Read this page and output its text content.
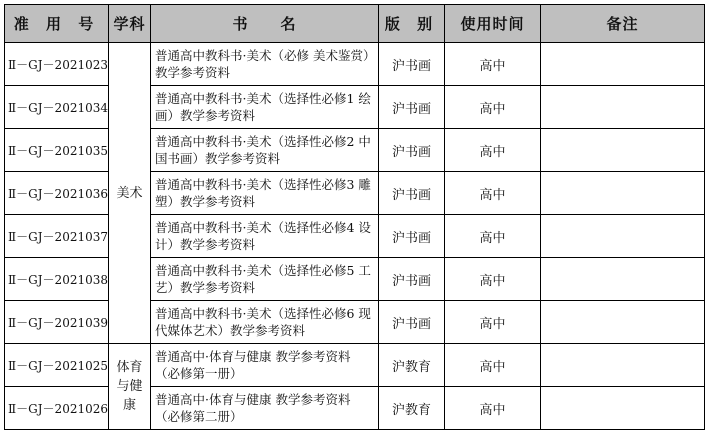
准 用 号	学科	书　　名	版 别	使用时间	备注
Ⅱ－GJ－2021023	美术	普通高中教科书·美术（必修 美术鉴赏）教学参考资料	沪书画	高中	
Ⅱ－GJ－2021034		普通高中教科书·美术（选择性必修1 绘画）教学参考资料	沪书画	高中	
Ⅱ－GJ－2021035		普通高中教科书·美术（选择性必修2 中国书画）教学参考资料	沪书画	高中	
Ⅱ－GJ－2021036		普通高中教科书·美术（选择性必修3 雕塑）教学参考资料	沪书画	高中	
Ⅱ－GJ－2021037		普通高中教科书·美术（选择性必修4 设计）教学参考资料	沪书画	高中	
Ⅱ－GJ－2021038		普通高中教科书·美术（选择性必修5 工艺）教学参考资料	沪书画	高中	
Ⅱ－GJ－2021039		普通高中教科书·美术（选择性必修6 现代媒体艺术）教学参考资料	沪书画	高中	
Ⅱ－GJ－2021025	体育与健康	普通高中·体育与健康 教学参考资料（必修第一册）	沪教育	高中	
Ⅱ－GJ－2021026		普通高中·体育与健康 教学参考资料（必修第二册）	沪教育	高中	
